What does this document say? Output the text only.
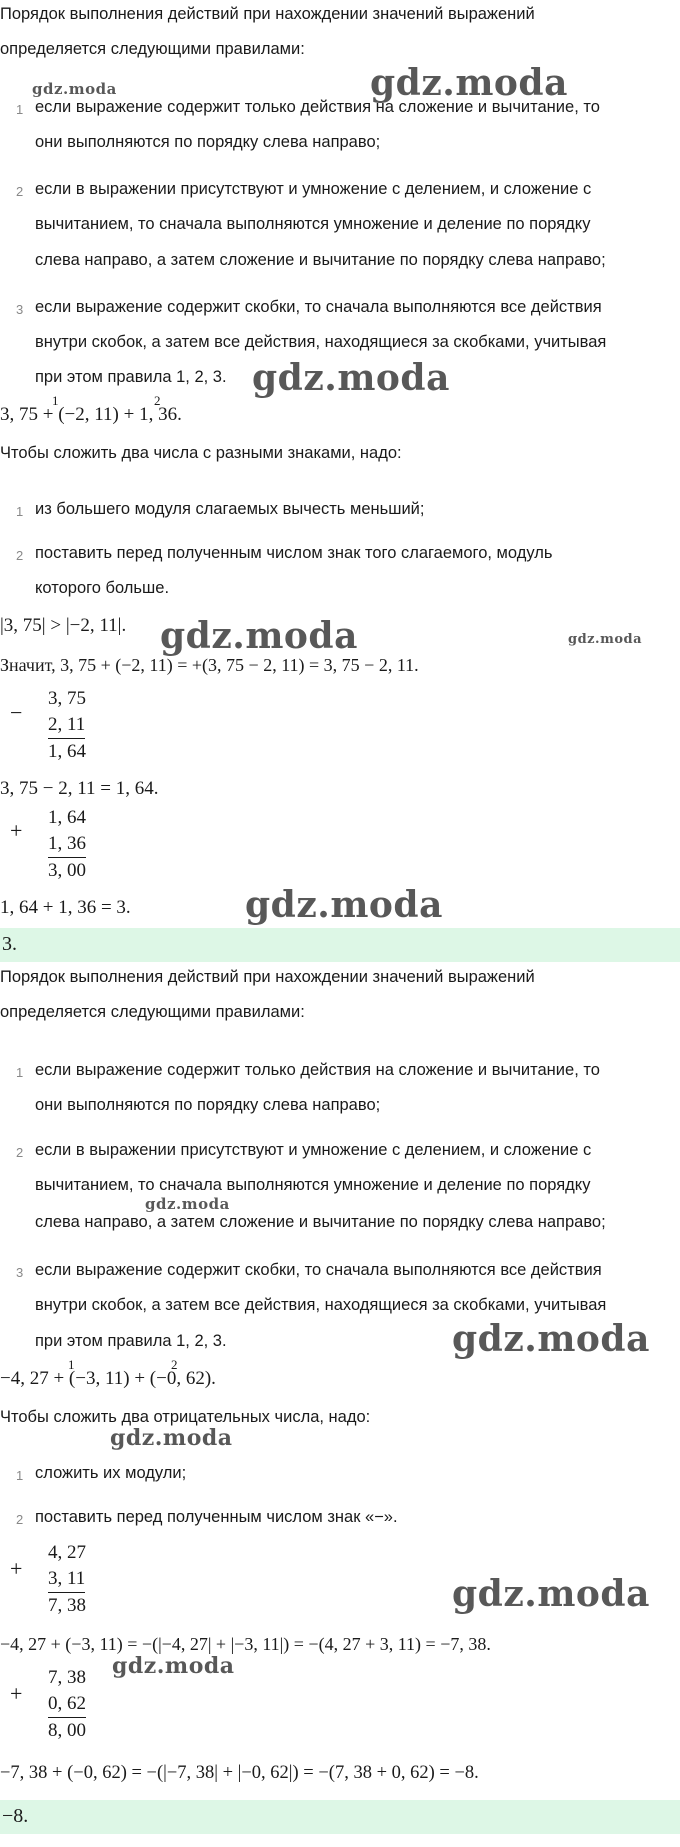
Порядок выполнения действий при нахождении значений выражений
определяется следующими правилами:
1 если выражение содержит только действия на сложение и вычитание, то
они выполняются по порядку слева направо;
2 если в выражении присутствуют и умножение с делением, и сложение с
вычитанием, то сначала выполняются умножение и деление по порядку
слева направо, а затем сложение и вычитание по порядку слева направо;
3 если выражение содержит скобки, то сначала выполняются все действия
внутри скобок, а затем все действия, находящиеся за скобками, учитывая
при этом правила 1, 2, 3.
1	2
3, 75 + (−2, 11) + 1, 36.
Чтобы сложить два числа с разными знаками, надо:
1 из большего модуля слагаемых вычесть меньший;
2 поставить перед полученным числом знак того слагаемого, модуль
которого больше.
|3, 75| > |−2, 11|.
Значит, 3, 75 + (−2, 11) = +(3, 75 − 2, 11) = 3, 75 − 2, 11.
−
3, 75
2, 11
1, 64
3, 75 − 2, 11 = 1, 64.
+
1, 64
1, 36
3, 00
1, 64 + 1, 36 = 3.
3.
Порядок выполнения действий при нахождении значений выражений
определяется следующими правилами:
1 если выражение содержит только действия на сложение и вычитание, то
они выполняются по порядку слева направо;
2 если в выражении присутствуют и умножение с делением, и сложение с
вычитанием, то сначала выполняются умножение и деление по порядку
слева направо, а затем сложение и вычитание по порядку слева направо;
3 если выражение содержит скобки, то сначала выполняются все действия
внутри скобок, а затем все действия, находящиеся за скобками, учитывая
при этом правила 1, 2, 3.
1	2
−4, 27 + (−3, 11) + (−0, 62).
Чтобы сложить два отрицательных числа, надо:
1 сложить их модули;
2 поставить перед полученным числом знак «−».
+
4, 27
3, 11
7, 38
−4, 27 + (−3, 11) = −(|−4, 27| + |−3, 11|) = −(4, 27 + 3, 11) = −7, 38.
+
7, 38
0, 62
8, 00
−7, 38 + (−0, 62) = −(|−7, 38| + |−0, 62|) = −(7, 38 + 0, 62) = −8.
−8.
gdz.moda	gdz.moda
gdz.moda
gdz.moda	gdz.moda
gdz.moda
gdz.moda
gdz.moda
gdz.moda
gdz.moda
gdz.moda
